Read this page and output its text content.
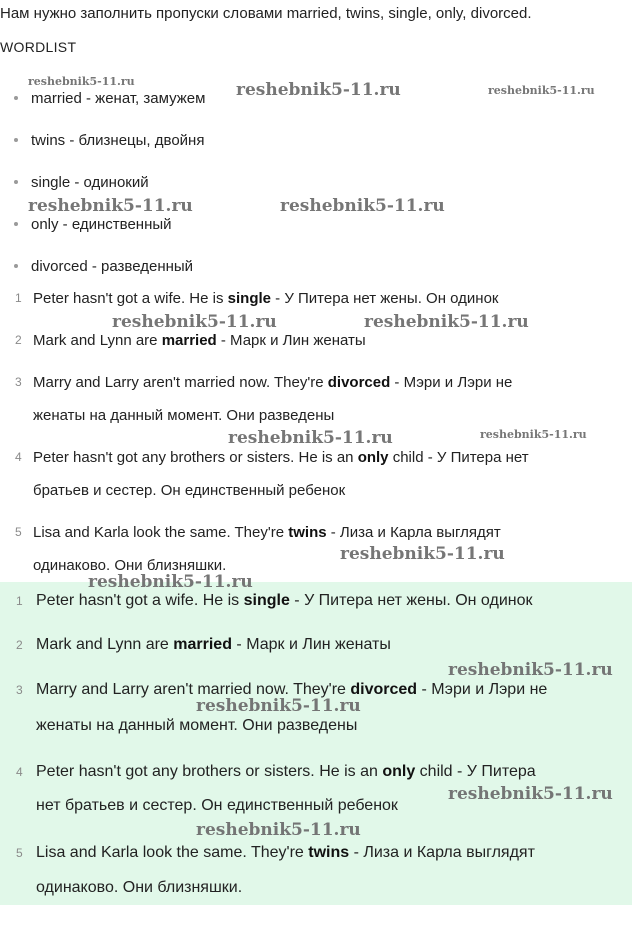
Нам нужно заполнить пропуски словами married, twins, single, only, divorced.
WORDLIST
married - женат, замужем
twins - близнецы, двойня
single - одинокий
only - единственный
divorced - разведенный
1 Peter hasn't got a wife. He is single - У Питера нет жены. Он одинок
2 Mark and Lynn are married - Марк и Лин женаты
3 Marry and Larry aren't married now. They're divorced - Мэри и Лэри не
женаты на данный момент. Они разведены
4 Peter hasn't got any brothers or sisters. He is an only child - У Питера нет
братьев и сестер. Он единственный ребенок
5 Lisa and Karla look the same. They're twins - Лиза и Карла выглядят
одинаково. Они близняшки.
1 Peter hasn't got a wife. He is single - У Питера нет жены. Он одинок
2 Mark and Lynn are married - Марк и Лин женаты
3 Marry and Larry aren't married now. They're divorced - Мэри и Лэри не
женаты на данный момент. Они разведены
4 Peter hasn't got any brothers or sisters. He is an only child - У Питера
нет братьев и сестер. Он единственный ребенок
5 Lisa and Karla look the same. They're twins - Лиза и Карла выглядят
одинаково. Они близняшки.
reshebnik5-11.ru	reshebnik5-11.ru	reshebnik5-11.ru
reshebnik5-11.ru	reshebnik5-11.ru
reshebnik5-11.ru	reshebnik5-11.ru
reshebnik5-11.ru	reshebnik5-11.ru
reshebnik5-11.ru
reshebnik5-11.ru
reshebnik5-11.ru
reshebnik5-11.ru
reshebnik5-11.ru
reshebnik5-11.ru
